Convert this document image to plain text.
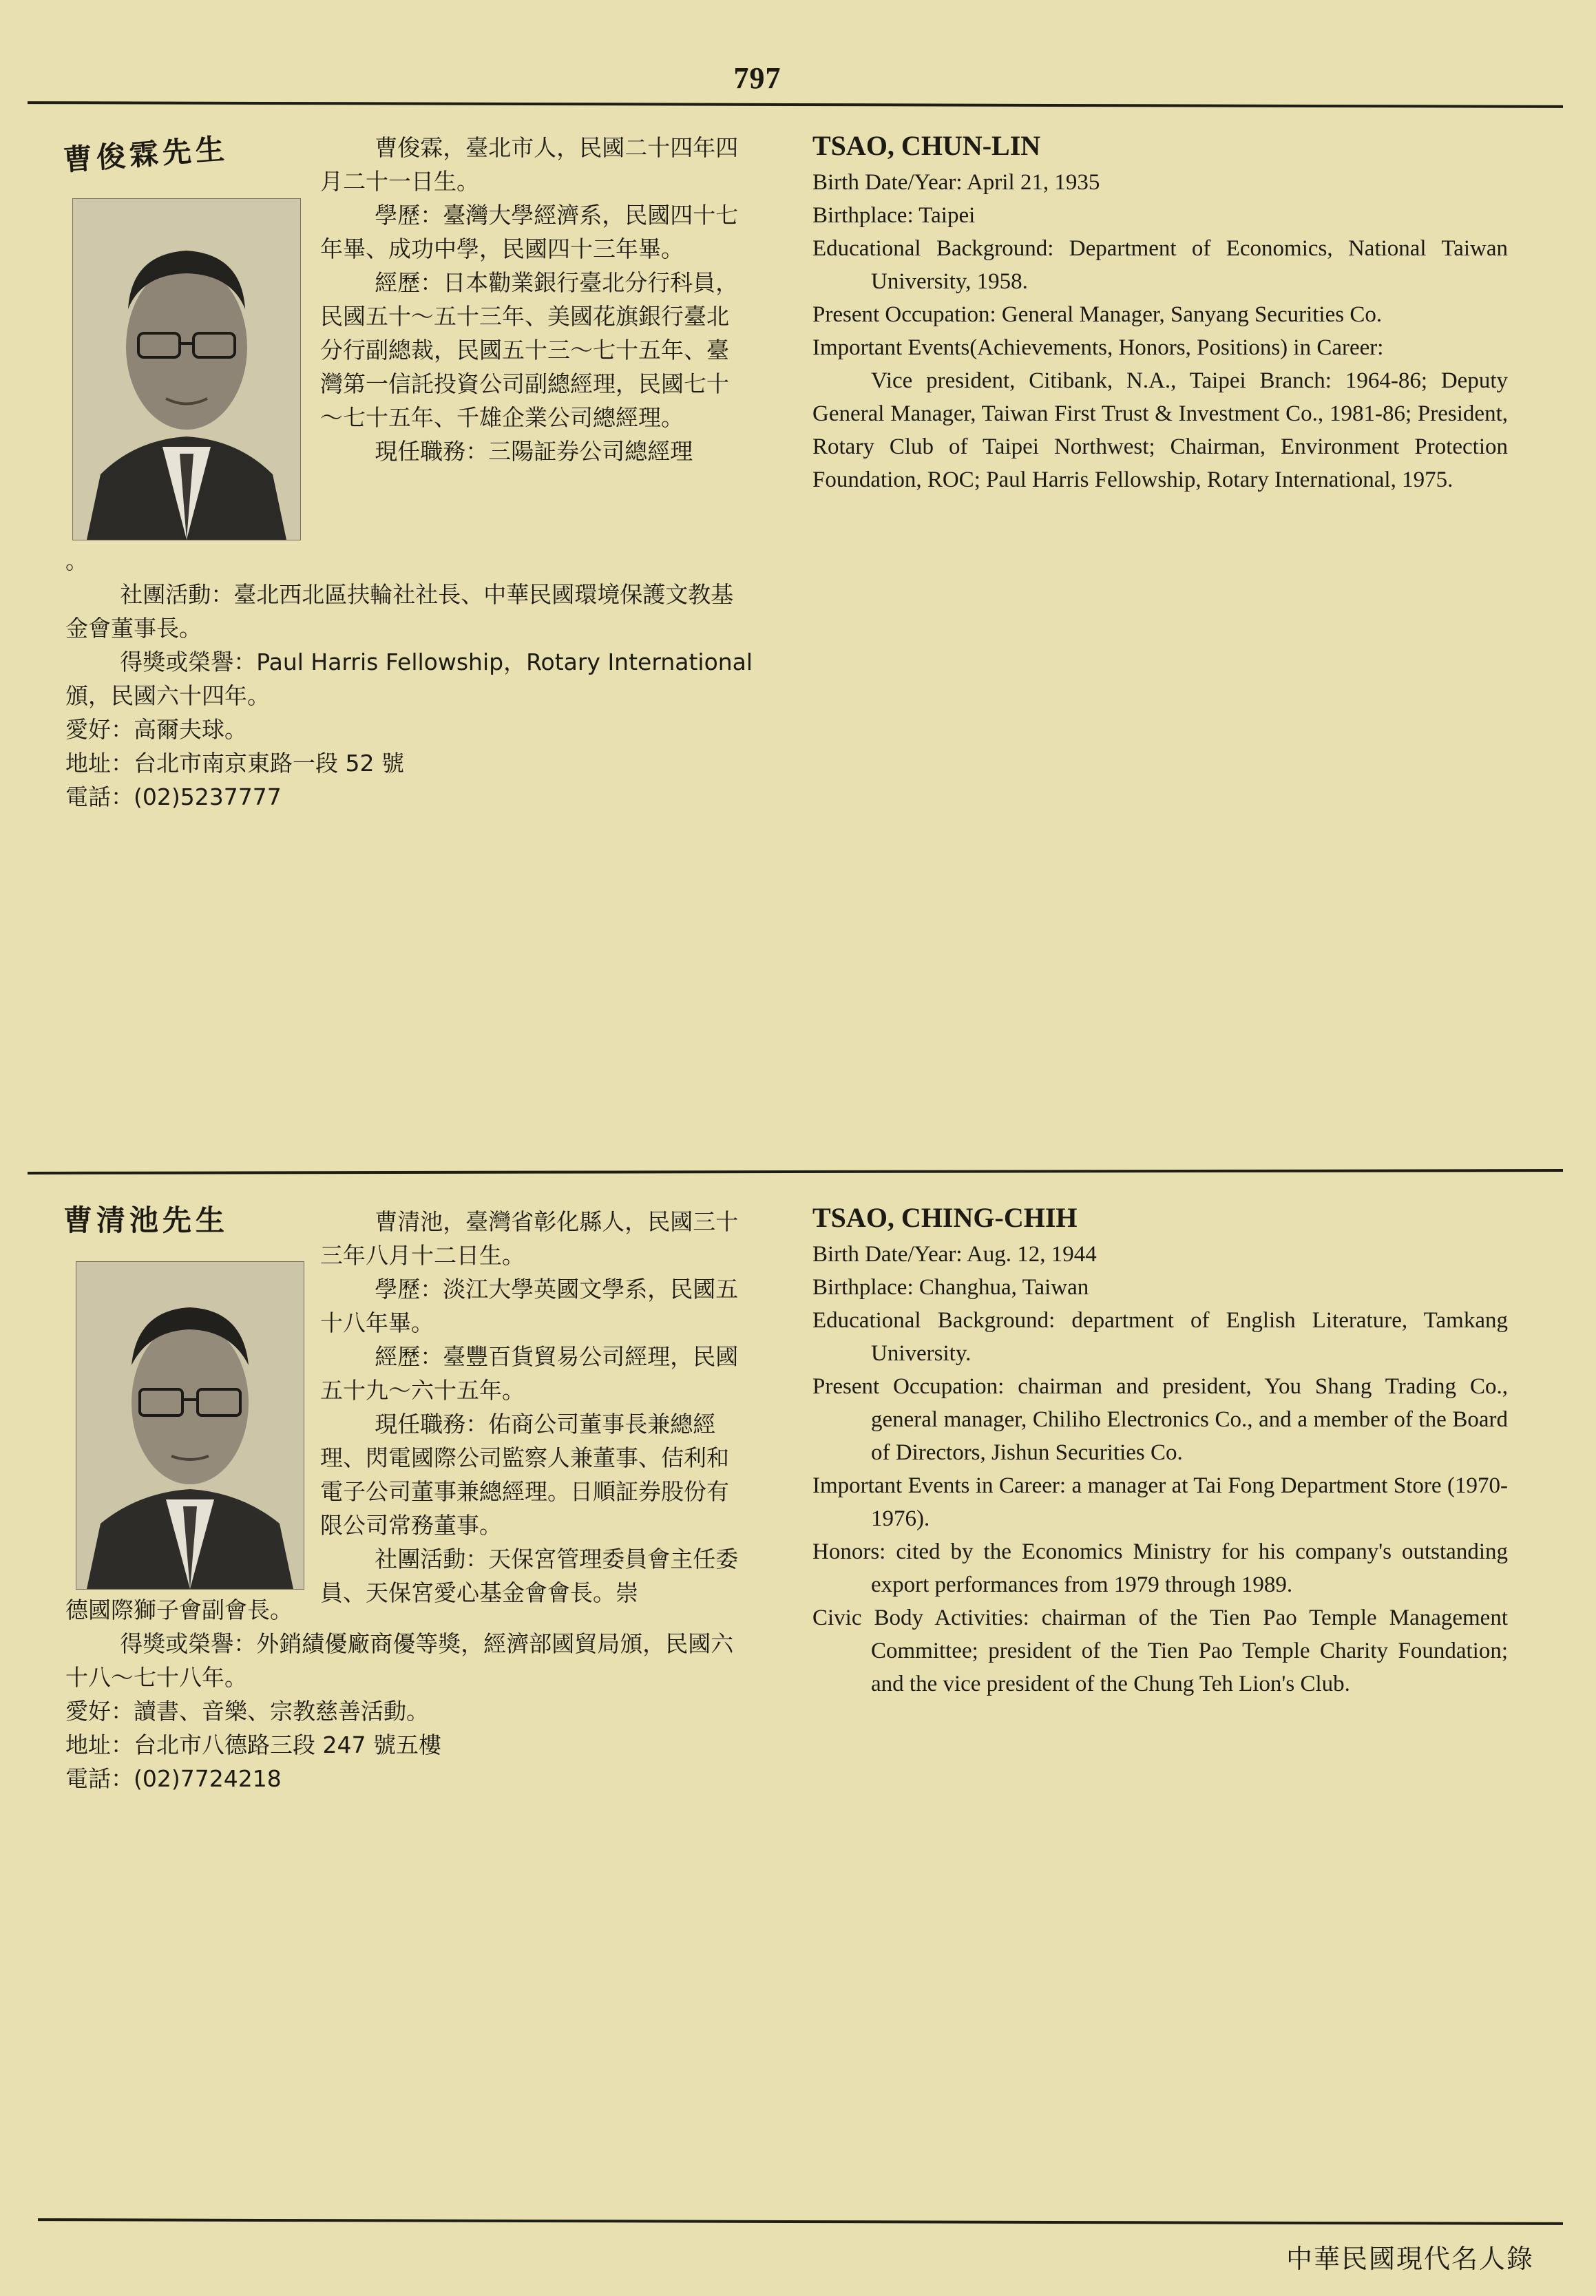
797
曹俊霖先生	曹俊霖，臺北市人，民國二十四年四月二十一日生。

學歷：臺灣大學經濟系，民國四十七年畢、成功中學，民國四十三年畢。

經歷：日本勸業銀行臺北分行科員，民國五十～五十三年、美國花旗銀行臺北分行副總裁，民國五十三～七十五年、臺灣第一信託投資公司副總經理，民國七十～七十五年、千雄企業公司總經理。

現任職務：三陽証券公司總經理

。

社團活動：臺北西北區扶輪社社長、中華民國環境保護文教基金會董事長。

得獎或榮譽：Paul Harris Fellowship，Rotary International頒，民國六十四年。

愛好：高爾夫球。

地址：台北市南京東路一段 52 號

電話：(02)5237777

TSAO, CHUN-LIN

Birth Date/Year: April 21, 1935

Birthplace: Taipei

Educational Background: Department of Economics, National Taiwan University, 1958.

Present Occupation: General Manager, Sanyang Securities Co.

Important Events(Achievements, Honors, Positions) in Career:

Vice president, Citibank, N.A., Taipei Branch: 1964-86; Deputy General Manager, Taiwan First Trust & Investment Co., 1981-86; President, Rotary Club of Taipei Northwest; Chairman, Environment Protection Foundation, ROC; Paul Harris Fellowship, Rotary International, 1975.

曹清池先生	曹清池，臺灣省彰化縣人，民國三十三年八月十二日生。

學歷：淡江大學英國文學系，民國五十八年畢。

經歷：臺豐百貨貿易公司經理，民國五十九～六十五年。

現任職務：佑商公司董事長兼總經理、閃電國際公司監察人兼董事、佶利和電子公司董事兼總經理。日順証券股份有限公司常務董事。

社團活動：天保宮管理委員會主任委員、天保宮愛心基金會會長。崇

德國際獅子會副會長。

得獎或榮譽：外銷績優廠商優等獎，經濟部國貿局頒，民國六十八～七十八年。

愛好：讀書、音樂、宗教慈善活動。

地址：台北市八德路三段 247 號五樓

電話：(02)7724218

TSAO, CHING-CHIH

Birth Date/Year: Aug. 12, 1944

Birthplace: Changhua, Taiwan

Educational Background: department of English Literature, Tamkang University.

Present Occupation: chairman and president, You Shang Trading Co., general manager, Chiliho Electronics Co., and a member of the Board of Directors, Jishun Securities Co.

Important Events in Career: a manager at Tai Fong Department Store (1970-1976).

Honors: cited by the Economics Ministry for his company's outstanding export performances from 1979 through 1989.

Civic Body Activities: chairman of the Tien Pao Temple Management Committee; president of the Tien Pao Temple Charity Foundation; and the vice president of the Chung Teh Lion's Club.

中華民國現代名人錄
